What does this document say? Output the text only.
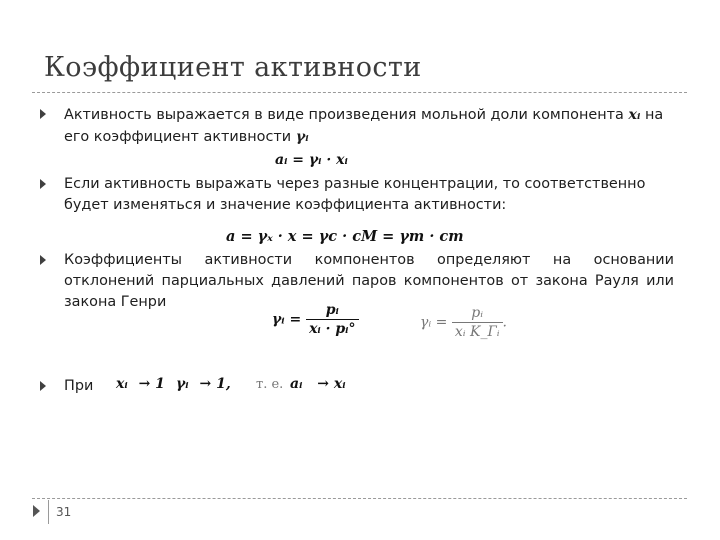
Коэффициент активности
Активность выражается в виде произведения мольной доли компонента xᵢ на его коэффициент активности γᵢ
aᵢ = γᵢ · xᵢ
Если активность выражать через разные концентрации, то соответственно будет изменяться и значение коэффициента активности:
a = γₓ · x = γc · cM = γm · cm
Коэффициенты активности компонентов определяют на основании отклонений парциальных давлений паров компонентов от закона Рауля или закона Генри
γᵢ = $\frac{\text{pᵢ}}{\text{xᵢ · pᵢ°}}$	γᵢ = $\frac{\text{pᵢ}}{\text{xᵢ K\_Гᵢ}}$ .
При	xᵢ → 1 γᵢ → 1, т. е. aᵢ → xᵢ
31
